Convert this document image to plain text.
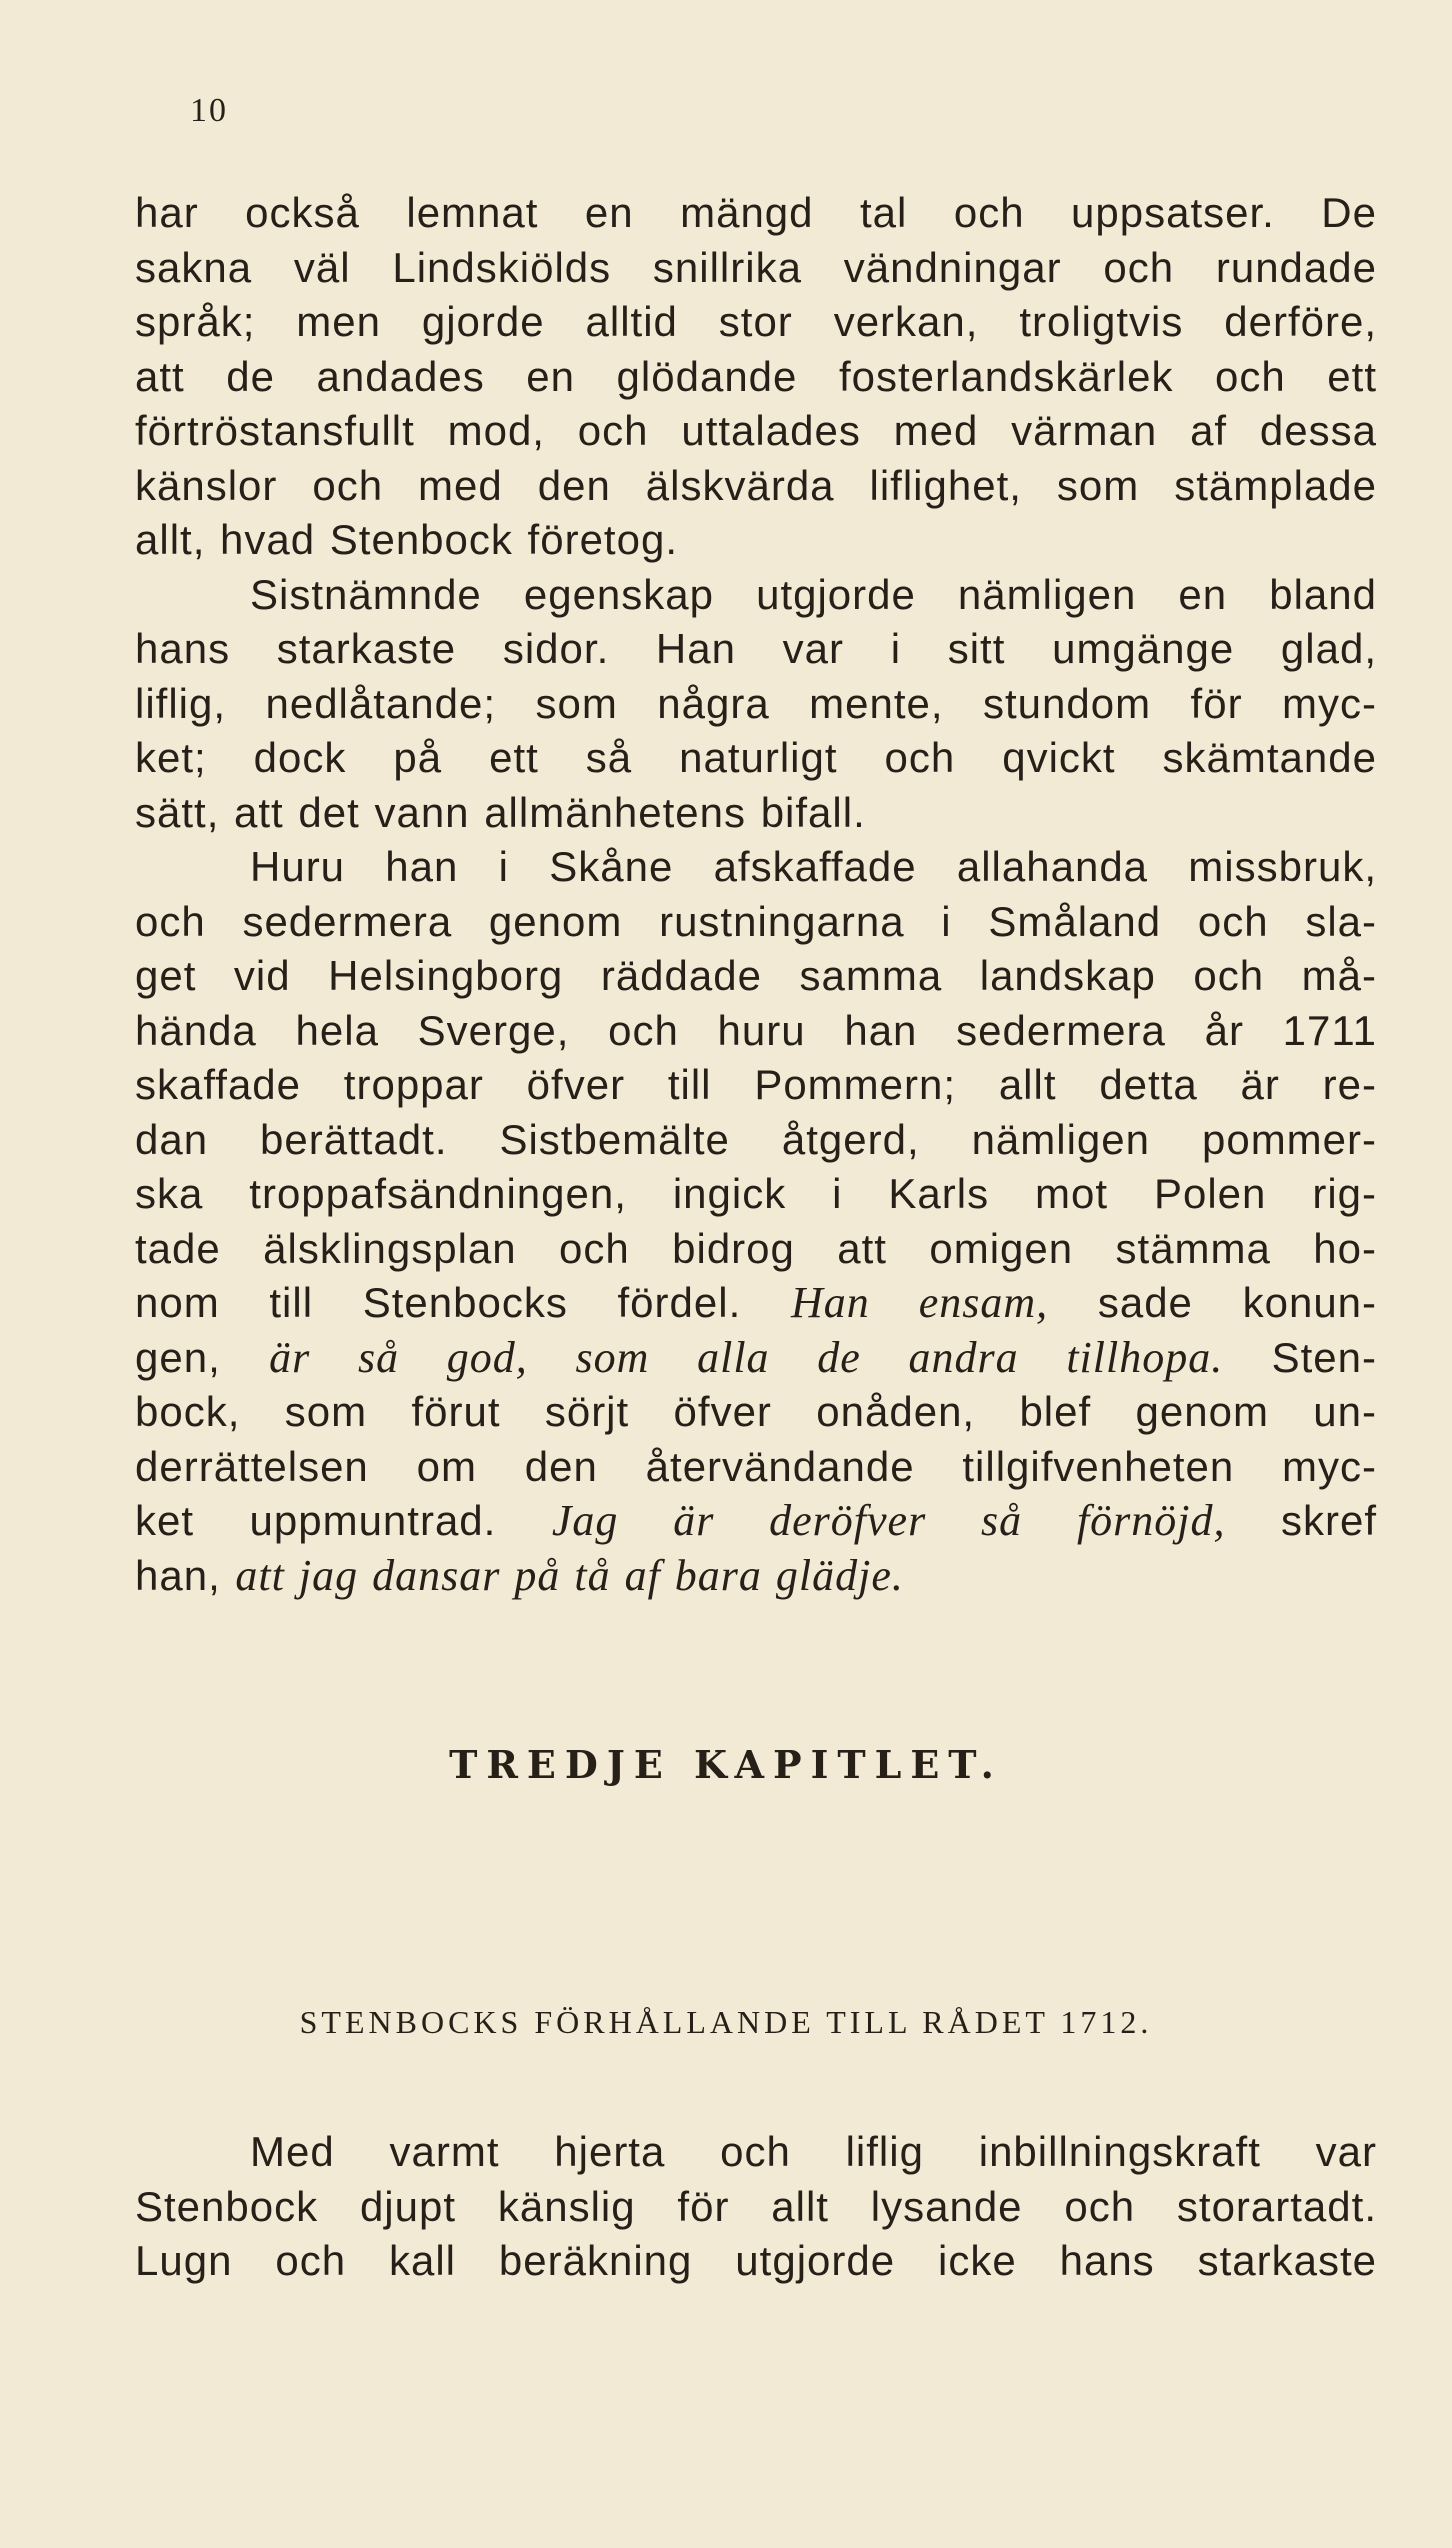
10
har också lemnat en mängd tal och uppsatser. De
sakna väl Lindskiölds snillrika vändningar och rundade
språk; men gjorde alltid stor verkan, troligtvis derföre,
att de andades en glödande fosterlandskärlek och ett
förtröstansfullt mod, och uttalades med värman af dessa
känslor och med den älskvärda liflighet, som stämplade
allt, hvad Stenbock företog.
Sistnämnde egenskap utgjorde nämligen en bland
hans starkaste sidor. Han var i sitt umgänge glad,
liflig, nedlåtande; som några mente, stundom för myc-
ket; dock på ett så naturligt och qvickt skämtande
sätt, att det vann allmänhetens bifall.
Huru han i Skåne afskaffade allahanda missbruk,
och sedermera genom rustningarna i Småland och sla-
get vid Helsingborg räddade samma landskap och må-
hända hela Sverge, och huru han sedermera år 1711
skaffade troppar öfver till Pommern; allt detta är re-
dan berättadt. Sistbemälte åtgerd, nämligen pommer-
ska troppafsändningen, ingick i Karls mot Polen rig-
tade älsklingsplan och bidrog att omigen stämma ho-
nom till Stenbocks fördel. Han ensam, sade konun-
gen, är så god, som alla de andra tillhopa. Sten-
bock, som förut sörjt öfver onåden, blef genom un-
derrättelsen om den återvändande tillgifvenheten myc-
ket uppmuntrad. Jag är deröfver så förnöjd, skref
han, att jag dansar på tå af bara glädje.
TREDJE KAPITLET.
STENBOCKS FÖRHÅLLANDE TILL RÅDET 1712.
Med varmt hjerta och liflig inbillningskraft var
Stenbock djupt känslig för allt lysande och storartadt.
Lugn och kall beräkning utgjorde icke hans starkaste
